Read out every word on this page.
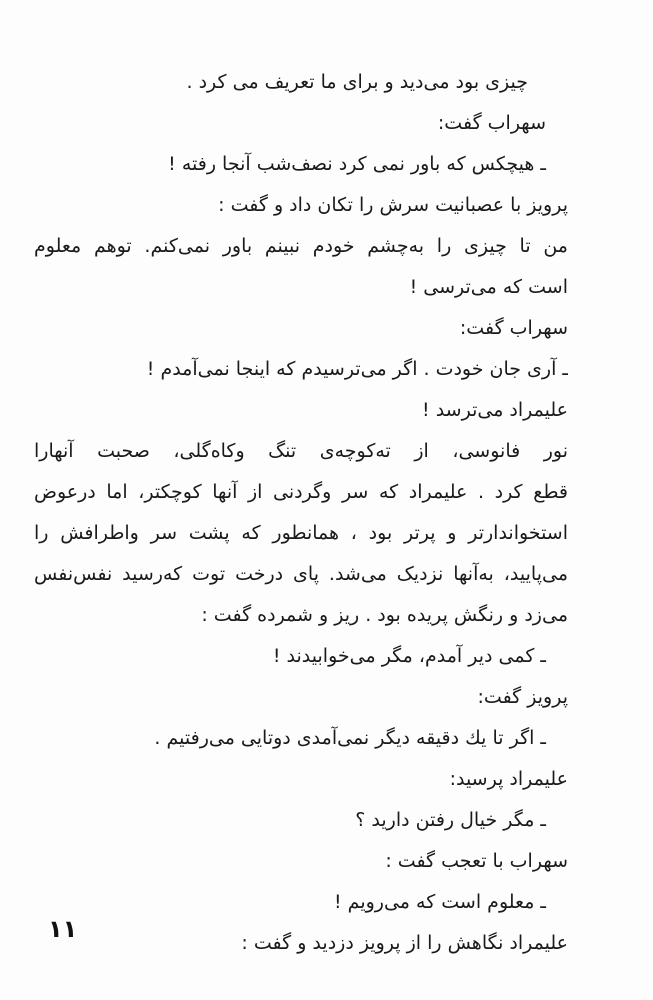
چیزی بود می‌دید و برای ما تعریف می کرد .
سهراب گفت:
ـ هیچکس که باور نمی کرد نصف‌شب آنجا رفته !
پرویز با عصبانیت سرش را تکان داد و گفت :
من تا چیزی را به‌چشم خودم نبینم باور نمی‌کنم. توهم معلوم
است که می‌ترسی !
سهراب گفت:
ـ آری جان خودت . اگر می‌ترسیدم که اینجا نمی‌آمدم !
علیمراد می‌ترسد !
نور فانوسی، از ته‌کوچه‌ی تنگ وکاه‌گلی، صحبت آنهارا
قطع کرد . علیمراد که سر وگردنی از آنها کوچکتر، اما درعوض
استخواندارتر و پرتر بود ، همانطور که پشت سر واطرافش را
می‌پایید، به‌آنها نزدیک می‌شد. پای درخت توت که‌رسید نفس‌نفس
می‌زد و رنگش پریده بود . ریز و شمرده گفت :
ـ کمی دیر آمدم، مگر می‌خوابیدند !
پرویز گفت:
ـ اگر تا یك دقیقه دیگر نمی‌آمدی دوتایی می‌رفتیم .
علیمراد پرسید:
ـ مگر خیال رفتن دارید ؟
سهراب با تعجب گفت :
ـ معلوم است که می‌رویم !
علیمراد نگاهش را از پرویز دزدید و گفت :
۱۱
